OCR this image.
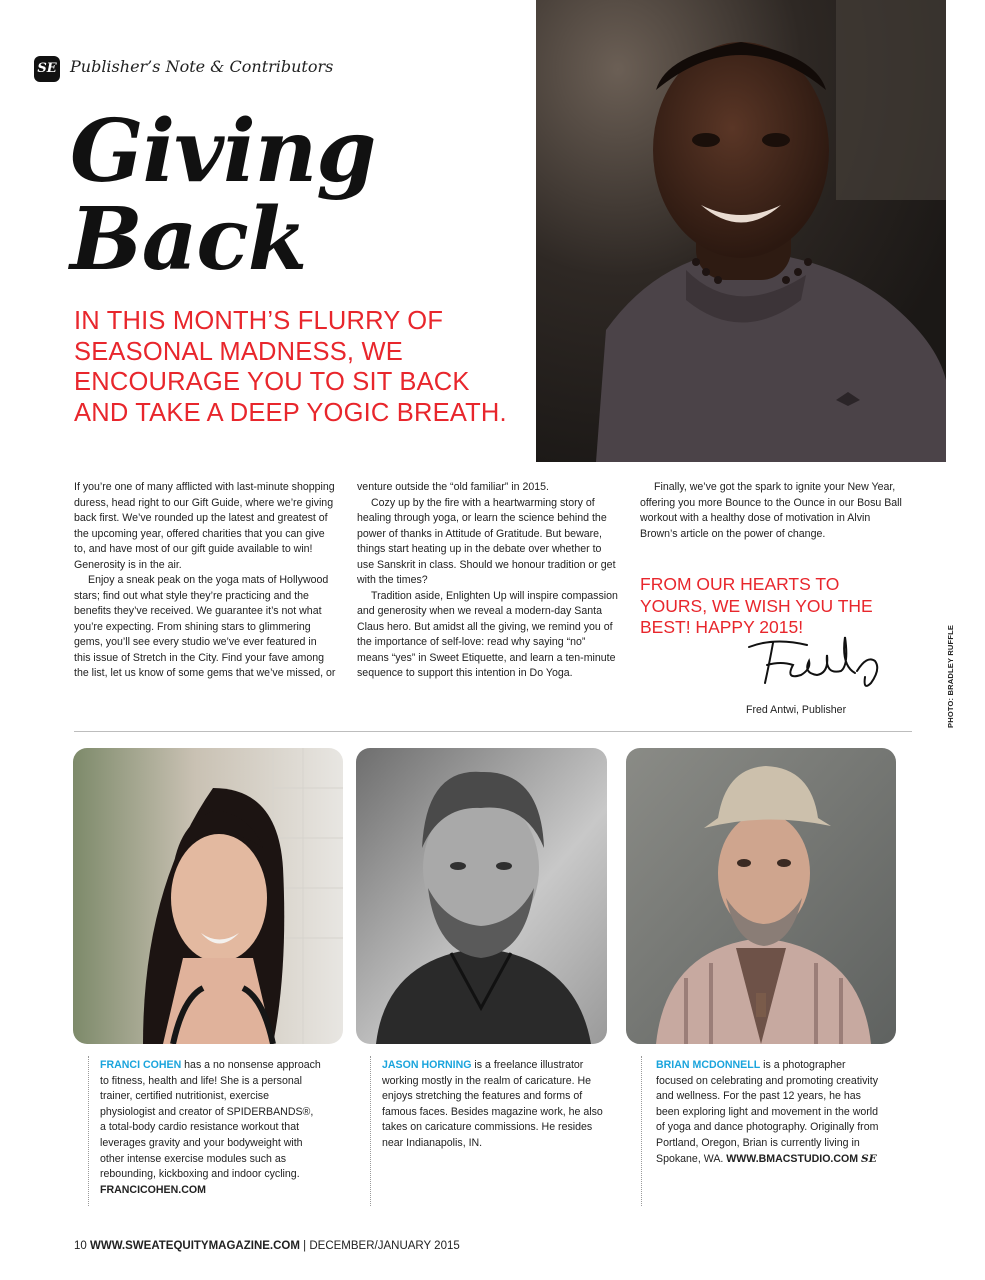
SE Publisher’s Note & Contributors
Giving
Back
IN THIS MONTH’S FLURRY OF SEASONAL MADNESS, WE ENCOURAGE YOU TO SIT BACK AND TAKE A DEEP YOGIC BREATH.

If you’re one of many afflicted with last-minute shopping duress, head right to our Gift Guide, where we’re giving back first. We’ve rounded up the latest and greatest of the upcoming year, offered charities that you can give to, and have most of our gift guide available to win! Generosity is in the air.

Enjoy a sneak peak on the yoga mats of Hollywood stars; find out what style they’re practicing and the benefits they’ve received. We guarantee it’s not what you’re expecting. From shining stars to glimmering gems, you’ll see every studio we’ve ever featured in this issue of Stretch in the City. Find your fave among the list, let us know of some gems that we’ve missed, or

venture outside the “old familiar” in 2015.

Cozy up by the fire with a heartwarming story of healing through yoga, or learn the science behind the power of thanks in Attitude of Gratitude. But beware, things start heating up in the debate over whether to use Sanskrit in class. Should we honour tradition or get with the times?

Tradition aside, Enlighten Up will inspire compassion and generosity when we reveal a modern-day Santa Claus hero. But amidst all the giving, we remind you of the importance of self-love: read why saying “no” means “yes” in Sweet Etiquette, and learn a ten-minute sequence to support this intention in Do Yoga.

Finally, we’ve got the spark to ignite your New Year, offering you more Bounce to the Ounce in our Bosu Ball workout with a healthy dose of motivation in Alvin Brown’s article on the power of change.

FROM OUR HEARTS TO YOURS, WE WISH YOU THE BEST! HAPPY 2015!
Fred Antwi, Publisher	PHOTO: BRADLEY RUFFLE
FRANCI COHEN has a no nonsense approach to fitness, health and life! She is a personal trainer, certified nutritionist, exercise physiologist and creator of SPIDERBANDS®, a total-body cardio resistance workout that leverages gravity and your bodyweight with other intense exercise modules such as rebounding, kickboxing and indoor cycling. FRANCICOHEN.COM
JASON HORNING is a freelance illustrator working mostly in the realm of caricature. He enjoys stretching the features and forms of famous faces. Besides magazine work, he also takes on caricature commissions. He resides near Indianapolis, IN.
BRIAN MCDONNELL is a photographer focused on celebrating and promoting creativity and wellness. For the past 12 years, he has been exploring light and movement in the world of yoga and dance photography. Originally from Portland, Oregon, Brian is currently living in Spokane, WA. WWW.BMACSTUDIO.COM SE
10 WWW.SWEATEQUITYMAGAZINE.COM | DECEMBER/JANUARY 2015
